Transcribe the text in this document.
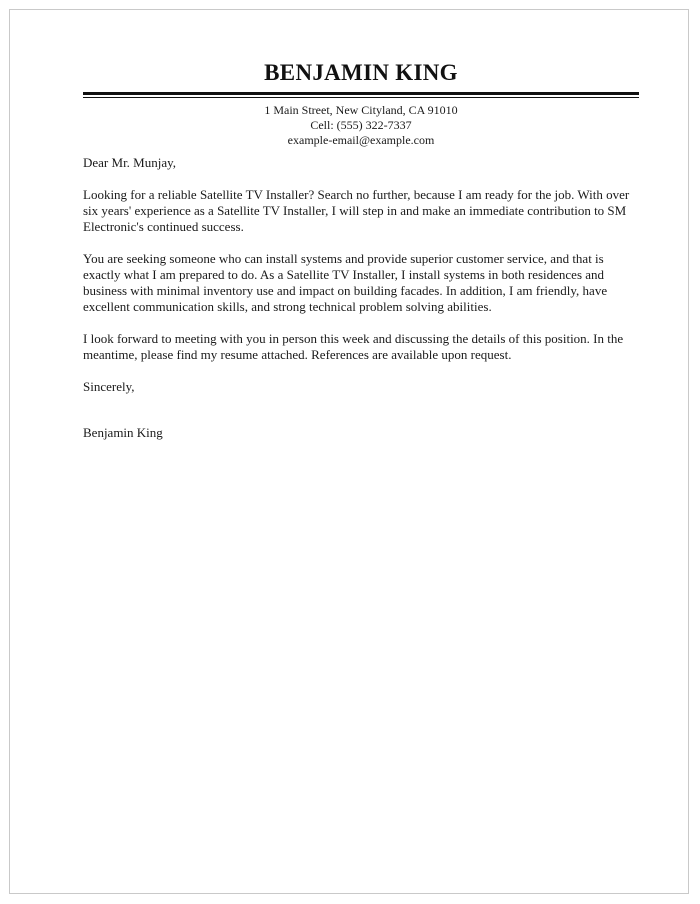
BENJAMIN KING
1 Main Street, New Cityland, CA 91010
Cell: (555) 322-7337
example-email@example.com

Dear Mr. Munjay,

Looking for a reliable Satellite TV Installer? Search no further, because I am ready for the job. With over six years' experience as a Satellite TV Installer, I will step in and make an immediate contribution to SM Electronic's continued success.

You are seeking someone who can install systems and provide superior customer service, and that is exactly what I am prepared to do. As a Satellite TV Installer, I install systems in both residences and business with minimal inventory use and impact on building facades. In addition, I am friendly, have excellent communication skills, and strong technical problem solving abilities.

I look forward to meeting with you in person this week and discussing the details of this position. In the meantime, please find my resume attached. References are available upon request.

Sincerely,

Benjamin King
